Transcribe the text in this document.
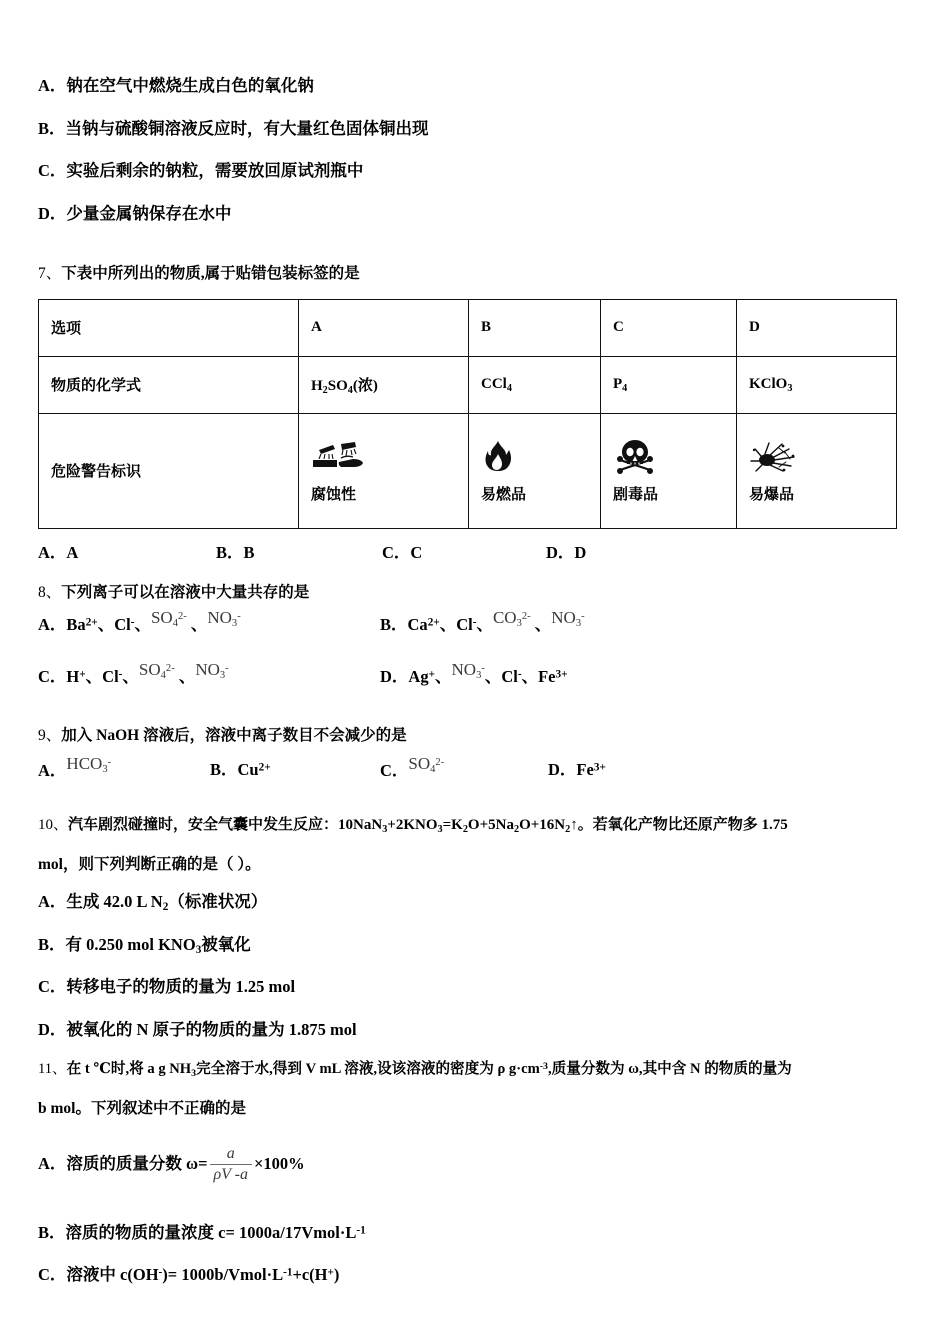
A．钠在空气中燃烧生成白色的氧化钠
B．当钠与硫酸铜溶液反应时，有大量红色固体铜出现
C．实验后剩余的钠粒，需要放回原试剂瓶中
D．少量金属钠保存在水中
7、下表中所列出的物质,属于贴错包装标签的是
选项	A	B	C	D
物质的化学式	$H_2SO_4$(浓)	CCl$_4$	$P_4$	KClO$_3$
危险警告标识	腐蚀性	易燃品	剧毒品	易爆品
A．A	B．B	C．C	D．D
8、下列离子可以在溶液中大量共存的是
A．$Ba^{2+}$、Cl-、$SO_4^{2-}$ 、$NO_3^-$	B．$Ca^{2+}$、Cl-、$CO_3^{2-}$ 、$NO_3^-$
C．H+、Cl-、$SO_4^{2-}$ 、$NO_3^-$	D．Ag+、$NO_3^-$、Cl-、$Fe^{3+}$
9、加入 NaOH 溶液后，溶液中离子数目不会减少的是
A．$HCO_3^-$	B．$Cu^{2+}$	C．$SO_4^{2-}$	D．$Fe^{3+}$
10、汽车剧烈碰撞时，安全气囊中发生反应：$10NaN_3+2KNO_3=K_2O+5Na_2O+16N_2↑$。若氧化产物比还原产物多 1.75
mol，则下列判断正确的是（ ）。
A．生成 42.0 L $N_2$（标准状况）
B．有 0.250 mol $KNO_3$被氧化
C．转移电子的物质的量为 1.25 mol
D．被氧化的 N 原子的物质的量为 1.875 mol
11、在 t ℃时,将 a g $NH_3$完全溶于水,得到 V mL 溶液,设该溶液的密度为 ρ $g\cdot cm^{-3}$,质量分数为 ω,其中含 N 的物质的量为
b mol。下列叙述中不正确的是
A．溶质的质量分数 $\omega= \frac{a}{\rho V -a} \times 100\%$
B．溶质的物质的量浓度 $c= 1000a/17Vmol\cdot L^{-1}$
C．溶液中 $c(OH^-)= 1000b/Vmol\cdot L^{-1}+c(H^+)$
